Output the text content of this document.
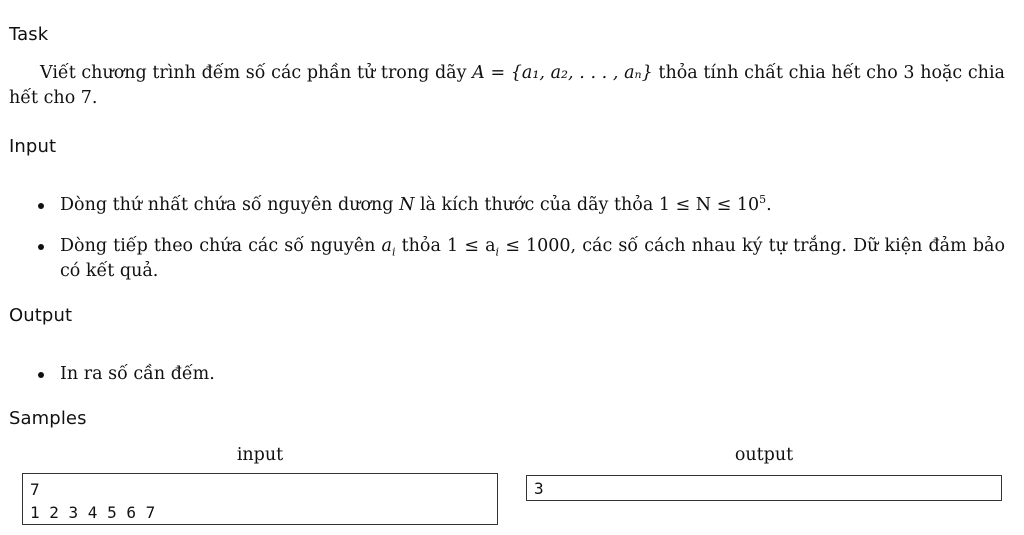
Task
Viết chương trình đếm số các phần tử trong dãy A = {a₁, a₂, . . . , aₙ} thỏa tính chất chia hết cho 3 hoặc chia hết cho 7.
Input
Dòng thứ nhất chứa số nguyên dương N là kích thước của dãy thỏa $1 \le N \le 10^5$.
Dòng tiếp theo chứa các số nguyên $a_i$ thỏa $1 \le a_i \le 1000$, các số cách nhau ký tự trắng. Dữ kiện đảm bảo có kết quả.
Output
In ra số cần đếm.
Samples
input	output
7
1 2 3 4 5 6 7
3
